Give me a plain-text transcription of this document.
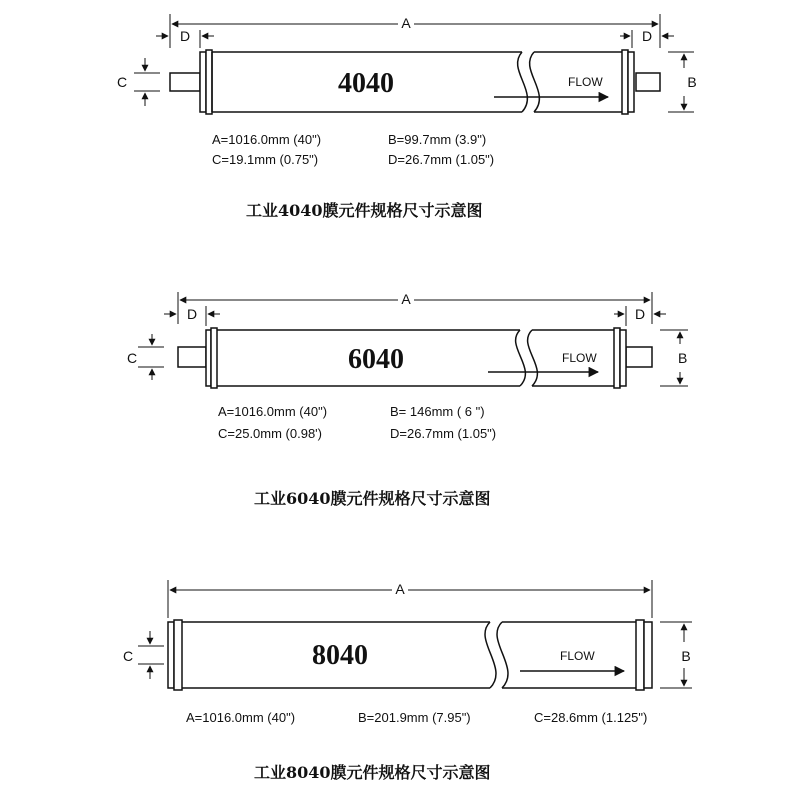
A
D	D
C	B
4040	FLOW
A=1016.0mm (40")	B=99.7mm (3.9")
C=19.1mm (0.75")	D=26.7mm (1.05")
工业4040膜元件规格尺寸示意图
A
D	D
C	B
6040	FLOW
A=1016.0mm (40")	B= 146mm ( 6 ")
C=25.0mm (0.98')	D=26.7mm (1.05")
工业6040膜元件规格尺寸示意图
A
C	B
8040	FLOW
A=1016.0mm (40")	B=201.9mm (7.95")	C=28.6mm (1.125")
工业8040膜元件规格尺寸示意图
